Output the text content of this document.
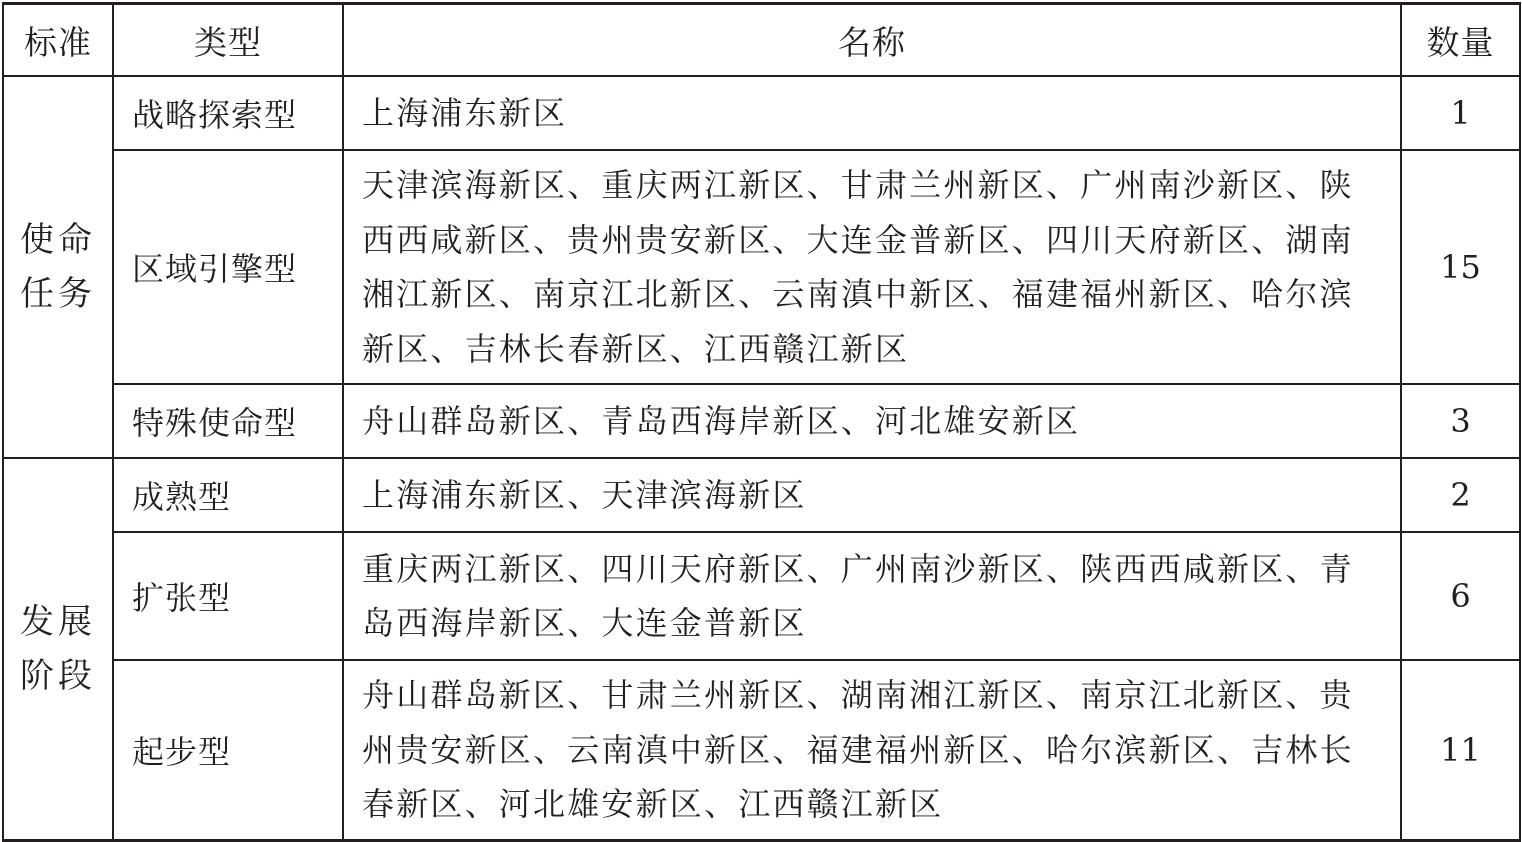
标准	类型	名称	数量
使命任务	战略探索型	上海浦东新区	1
	区域引擎型	天津滨海新区、重庆两江新区、甘肃兰州新区、广州南沙新区、陕西西咸新区、贵州贵安新区、大连金普新区、四川天府新区、湖南湘江新区、南京江北新区、云南滇中新区、福建福州新区、哈尔滨新区、吉林长春新区、江西赣江新区	15
	特殊使命型	舟山群岛新区、青岛西海岸新区、河北雄安新区	3
发展阶段	成熟型	上海浦东新区、天津滨海新区	2
	扩张型	重庆两江新区、四川天府新区、广州南沙新区、陕西西咸新区、青岛西海岸新区、大连金普新区	6
	起步型	舟山群岛新区、甘肃兰州新区、湖南湘江新区、南京江北新区、贵州贵安新区、云南滇中新区、福建福州新区、哈尔滨新区、吉林长春新区、河北雄安新区、江西赣江新区	11
